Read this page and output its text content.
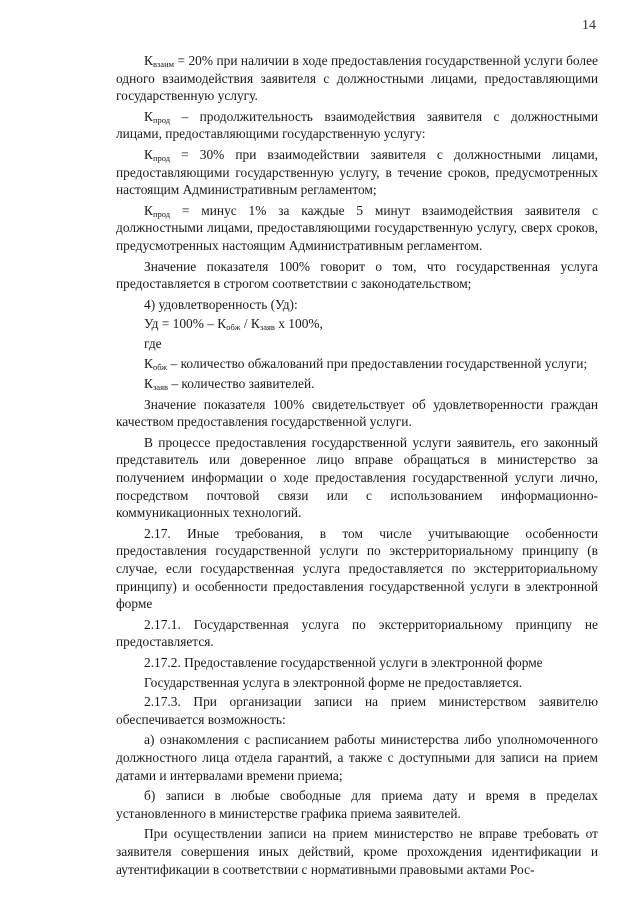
14

$К_{взаим} = 20\%$ при наличии в ходе предоставления государственной услуги более одного взаимодействия заявителя с должностными лицами, предоставляющими государственную услугу.

$К_{прод}$ – продолжительность взаимодействия заявителя с должностными лицами, предоставляющими государственную услугу:

$К_{прод} = 30\%$ при взаимодействии заявителя с должностными лицами, предоставляющими государственную услугу, в течение сроков, предусмотренных настоящим Административным регламентом;

$К_{прод}$ = минус 1% за каждые 5 минут взаимодействия заявителя с должностными лицами, предоставляющими государственную услугу, сверх сроков, предусмотренных настоящим Административным регламентом.

Значение показателя 100% говорит о том, что государственная услуга предоставляется в строгом соответствии с законодательством;

4) удовлетворенность (Уд):

Уд = $100\% - К_{обж} / К_{заяв}$ x 100%,

где

$К_{обж}$ – количество обжалований при предоставлении государственной услуги;

$К_{заяв}$ – количество заявителей.

Значение показателя 100% свидетельствует об удовлетворенности граждан качеством предоставления государственной услуги.

В процессе предоставления государственной услуги заявитель, его законный представитель или доверенное лицо вправе обращаться в министерство за получением информации о ходе предоставления государственной услуги лично, посредством почтовой связи или с использованием информационно-коммуникационных технологий.

2.17. Иные требования, в том числе учитывающие особенности предоставления государственной услуги по экстерриториальному принципу (в случае, если государственная услуга предоставляется по экстерриториальному принципу) и особенности предоставления государственной услуги в электронной форме

2.17.1. Государственная услуга по экстерриториальному принципу не предоставляется.

2.17.2. Предоставление государственной услуги в электронной форме

Государственная услуга в электронной форме не предоставляется.

2.17.3. При организации записи на прием министерством заявителю обеспечивается возможность:

а) ознакомления с расписанием работы министерства либо уполномоченного должностного лица отдела гарантий, а также с доступными для записи на прием датами и интервалами времени приема;

б) записи в любые свободные для приема дату и время в пределах установленного в министерстве графика приема заявителей.

При осуществлении записи на прием министерство не вправе требовать от заявителя совершения иных действий, кроме прохождения идентификации и аутентификации в соответствии с нормативными правовыми актами Рос-
